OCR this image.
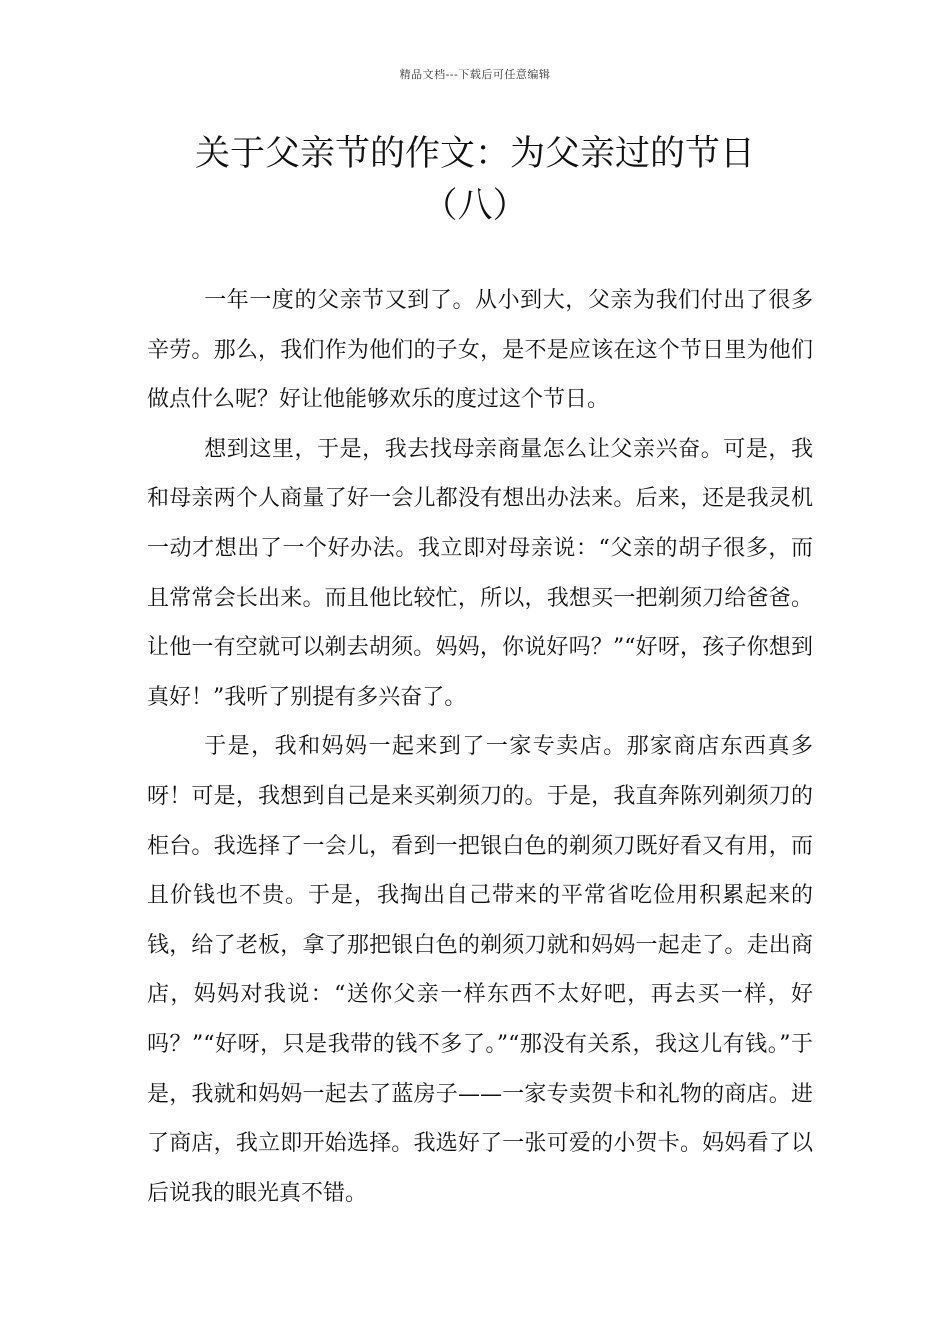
精品文档---下载后可任意编辑
关于父亲节的作文：为父亲过的节日
（八）

一年一度的父亲节又到了。从小到大，父亲为我们付出了很多辛劳。那么，我们作为他们的子女，是不是应该在这个节日里为他们做点什么呢？好让他能够欢乐的度过这个节日。

想到这里，于是，我去找母亲商量怎么让父亲兴奋。可是，我和母亲两个人商量了好一会儿都没有想出办法来。后来，还是我灵机一动才想出了一个好办法。我立即对母亲说：“父亲的胡子很多，而且常常会长出来。而且他比较忙，所以，我想买一把剃须刀给爸爸。让他一有空就可以剃去胡须。妈妈，你说好吗？”“好呀，孩子你想到真好！”我听了别提有多兴奋了。

于是，我和妈妈一起来到了一家专卖店。那家商店东西真多呀！可是，我想到自己是来买剃须刀的。于是，我直奔陈列剃须刀的柜台。我选择了一会儿，看到一把银白色的剃须刀既好看又有用，而且价钱也不贵。于是，我掏出自己带来的平常省吃俭用积累起来的钱，给了老板，拿了那把银白色的剃须刀就和妈妈一起走了。走出商店，妈妈对我说：“送你父亲一样东西不太好吧，再去买一样，好吗？”“好呀，只是我带的钱不多了。”“那没有关系，我这儿有钱。”于是，我就和妈妈一起去了蓝房子——一家专卖贺卡和礼物的商店。进了商店，我立即开始选择。我选好了一张可爱的小贺卡。妈妈看了以后说我的眼光真不错。
